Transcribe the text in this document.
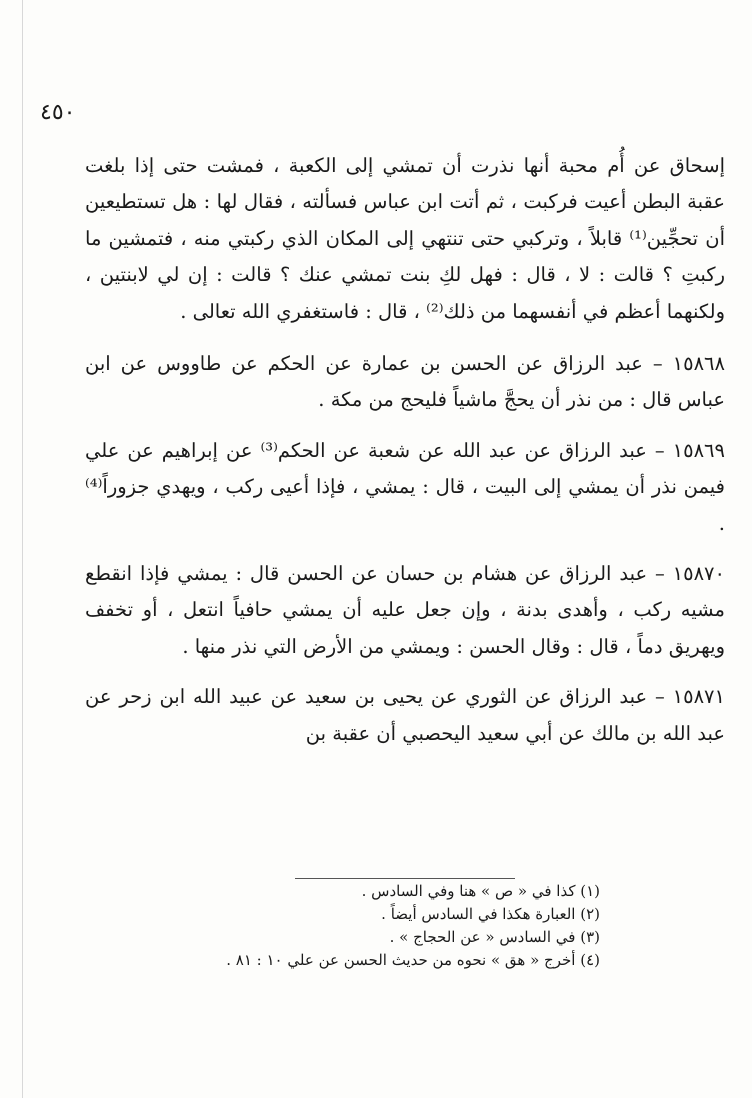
٤٥٠

إسحاق عن أُم محبة أنها نذرت أن تمشي إلى الكعبة ، فمشت حتى إذا بلغت عقبة البطن أعيت فركبت ، ثم أتت ابن عباس فسألته ، فقال لها : هل تستطيعين أن تحجِّين⁽¹⁾ قابلاً ، وتركبي حتى تنتهي إلى المكان الذي ركبتي منه ، فتمشين ما ركبتِ ؟ قالت : لا ، قال : فهل لكِ بنت تمشي عنك ؟ قالت : إن لي لابنتين ، ولكنهما أعظم في أنفسهما من ذلك⁽²⁾ ، قال : فاستغفري الله تعالى .

١٥٨٦٨ – عبد الرزاق عن الحسن بن عمارة عن الحكم عن طاووس عن ابن عباس قال : من نذر أن يحجَّ ماشياً فليحج من مكة .

١٥٨٦٩ – عبد الرزاق عن عبد الله عن شعبة عن الحكم⁽³⁾ عن إبراهيم عن علي فيمن نذر أن يمشي إلى البيت ، قال : يمشي ، فإذا أعيى ركب ، ويهدي جزوراً⁽⁴⁾ .

١٥٨٧٠ – عبد الرزاق عن هشام بن حسان عن الحسن قال : يمشي فإذا انقطع مشيه ركب ، وأهدى بدنة ، وإن جعل عليه أن يمشي حافياً انتعل ، أو تخفف ويهريق دماً ، قال : وقال الحسن : ويمشي من الأرض التي نذر منها .

١٥٨٧١ – عبد الرزاق عن الثوري عن يحيى بن سعيد عن عبيد الله ابن زحر عن عبد الله بن مالك عن أبي سعيد اليحصبي أن عقبة بن

(١) كذا في « ص » هنا وفي السادس .
(٢) العبارة هكذا في السادس أيضاً .
(٣) في السادس « عن الحجاج » .
(٤) أخرج « هق » نحوه من حديث الحسن عن علي ١٠ : ٨١ .
